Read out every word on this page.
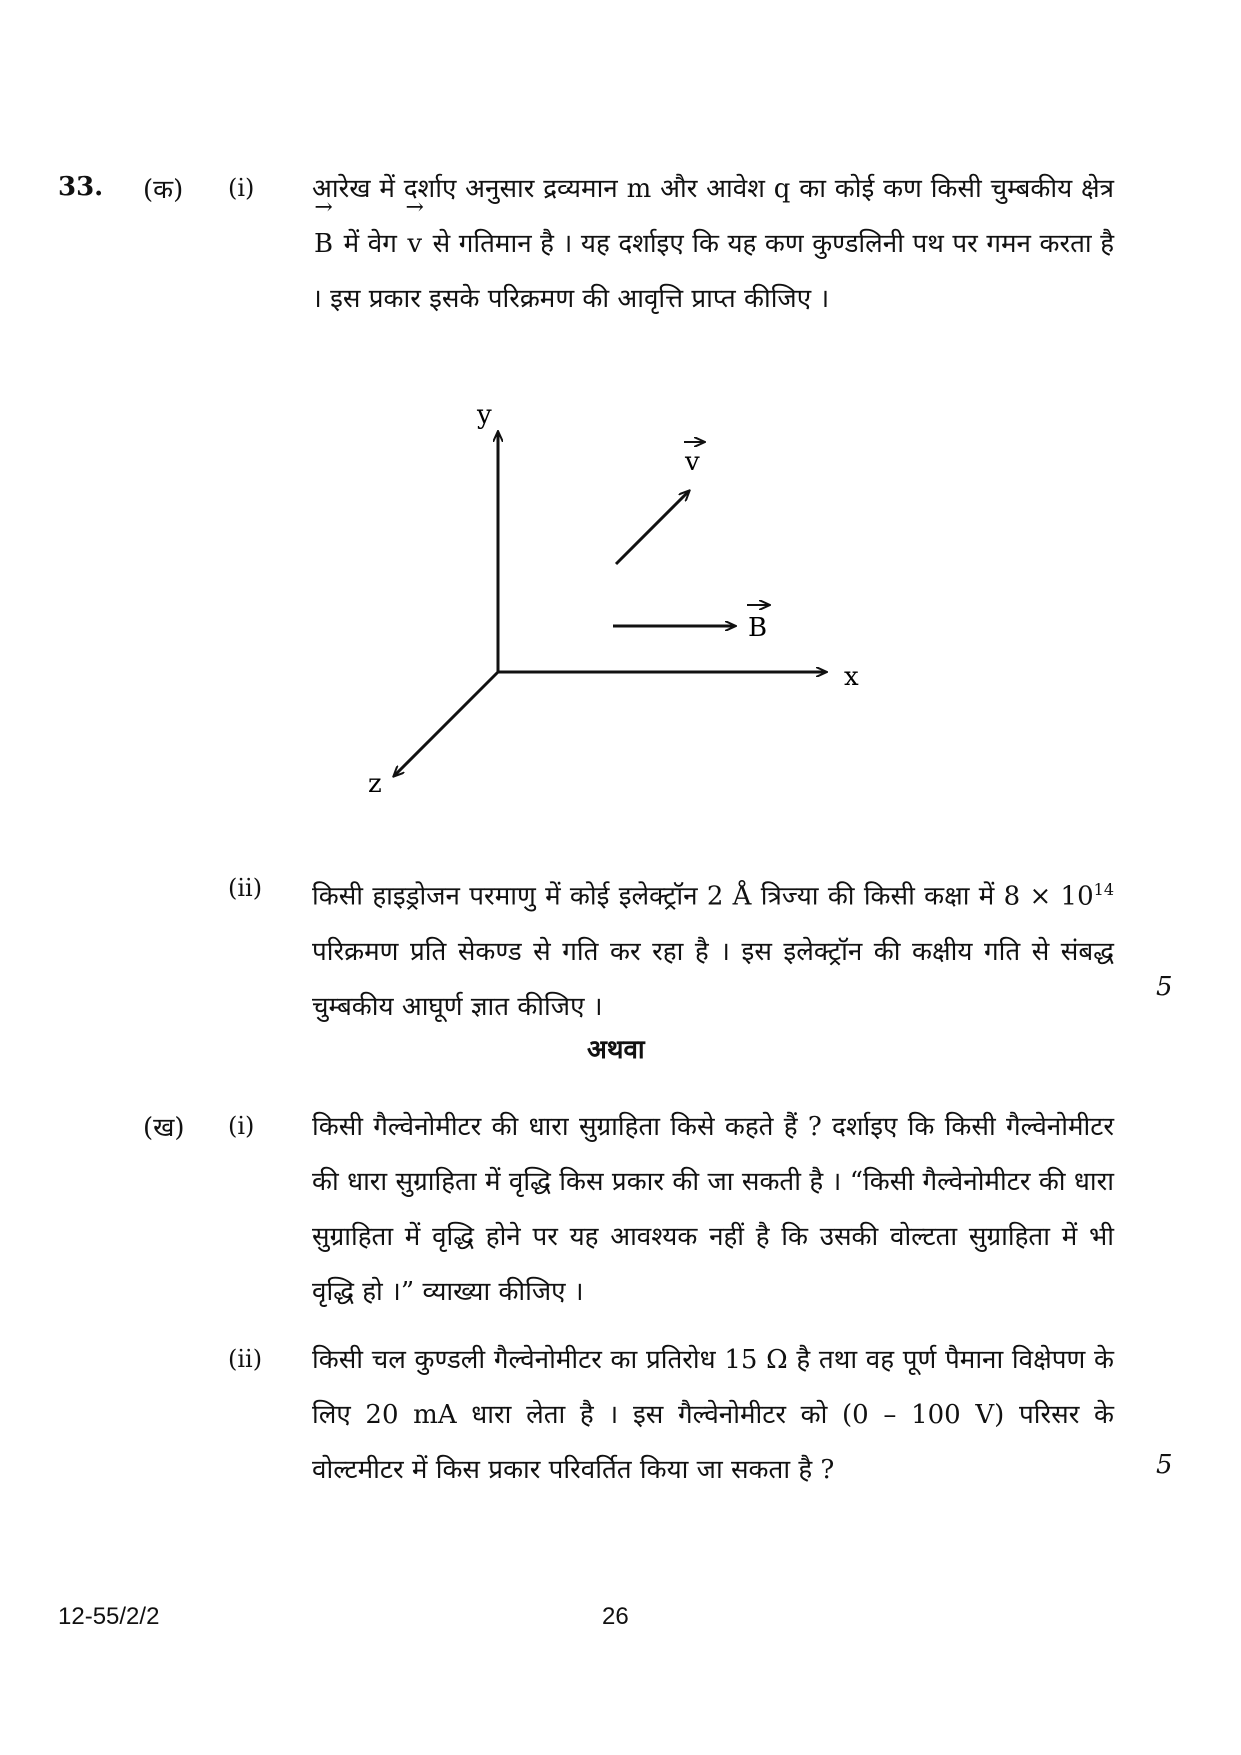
33. (क) (i) आरेख में दर्शाए अनुसार द्रव्यमान m और आवेश q का कोई कण किसी चुम्बकीय क्षेत्र → B में वेग → v से गतिमान है । यह दर्शाइए कि यह कण कुण्डलिनी पथ पर गमन करता है । इस प्रकार इसके परिक्रमण की आवृत्ति प्राप्त कीजिए ।
y
x
z
v
B
(ii) किसी हाइड्रोजन परमाणु में कोई इलेक्ट्रॉन 2 Å त्रिज्या की किसी कक्षा में $8 \times 10^{14}$ परिक्रमण प्रति सेकण्ड से गति कर रहा है । इस इलेक्ट्रॉन की कक्षीय गति से संबद्ध चुम्बकीय आघूर्ण ज्ञात कीजिए ।
5
अथवा
(ख) (i) किसी गैल्वेनोमीटर की धारा सुग्राहिता किसे कहते हैं ? दर्शाइए कि किसी गैल्वेनोमीटर की धारा सुग्राहिता में वृद्धि किस प्रकार की जा सकती है । “किसी गैल्वेनोमीटर की धारा सुग्राहिता में वृद्धि होने पर यह आवश्यक नहीं है कि उसकी वोल्टता सुग्राहिता में भी वृद्धि हो ।” व्याख्या कीजिए ।
(ii) किसी चल कुण्डली गैल्वेनोमीटर का प्रतिरोध 15 Ω है तथा वह पूर्ण पैमाना विक्षेपण के लिए 20 mA धारा लेता है । इस गैल्वेनोमीटर को (0 – 100 V) परिसर के वोल्टमीटर में किस प्रकार परिवर्तित किया जा सकता है ?	5
12-55/2/2	26
